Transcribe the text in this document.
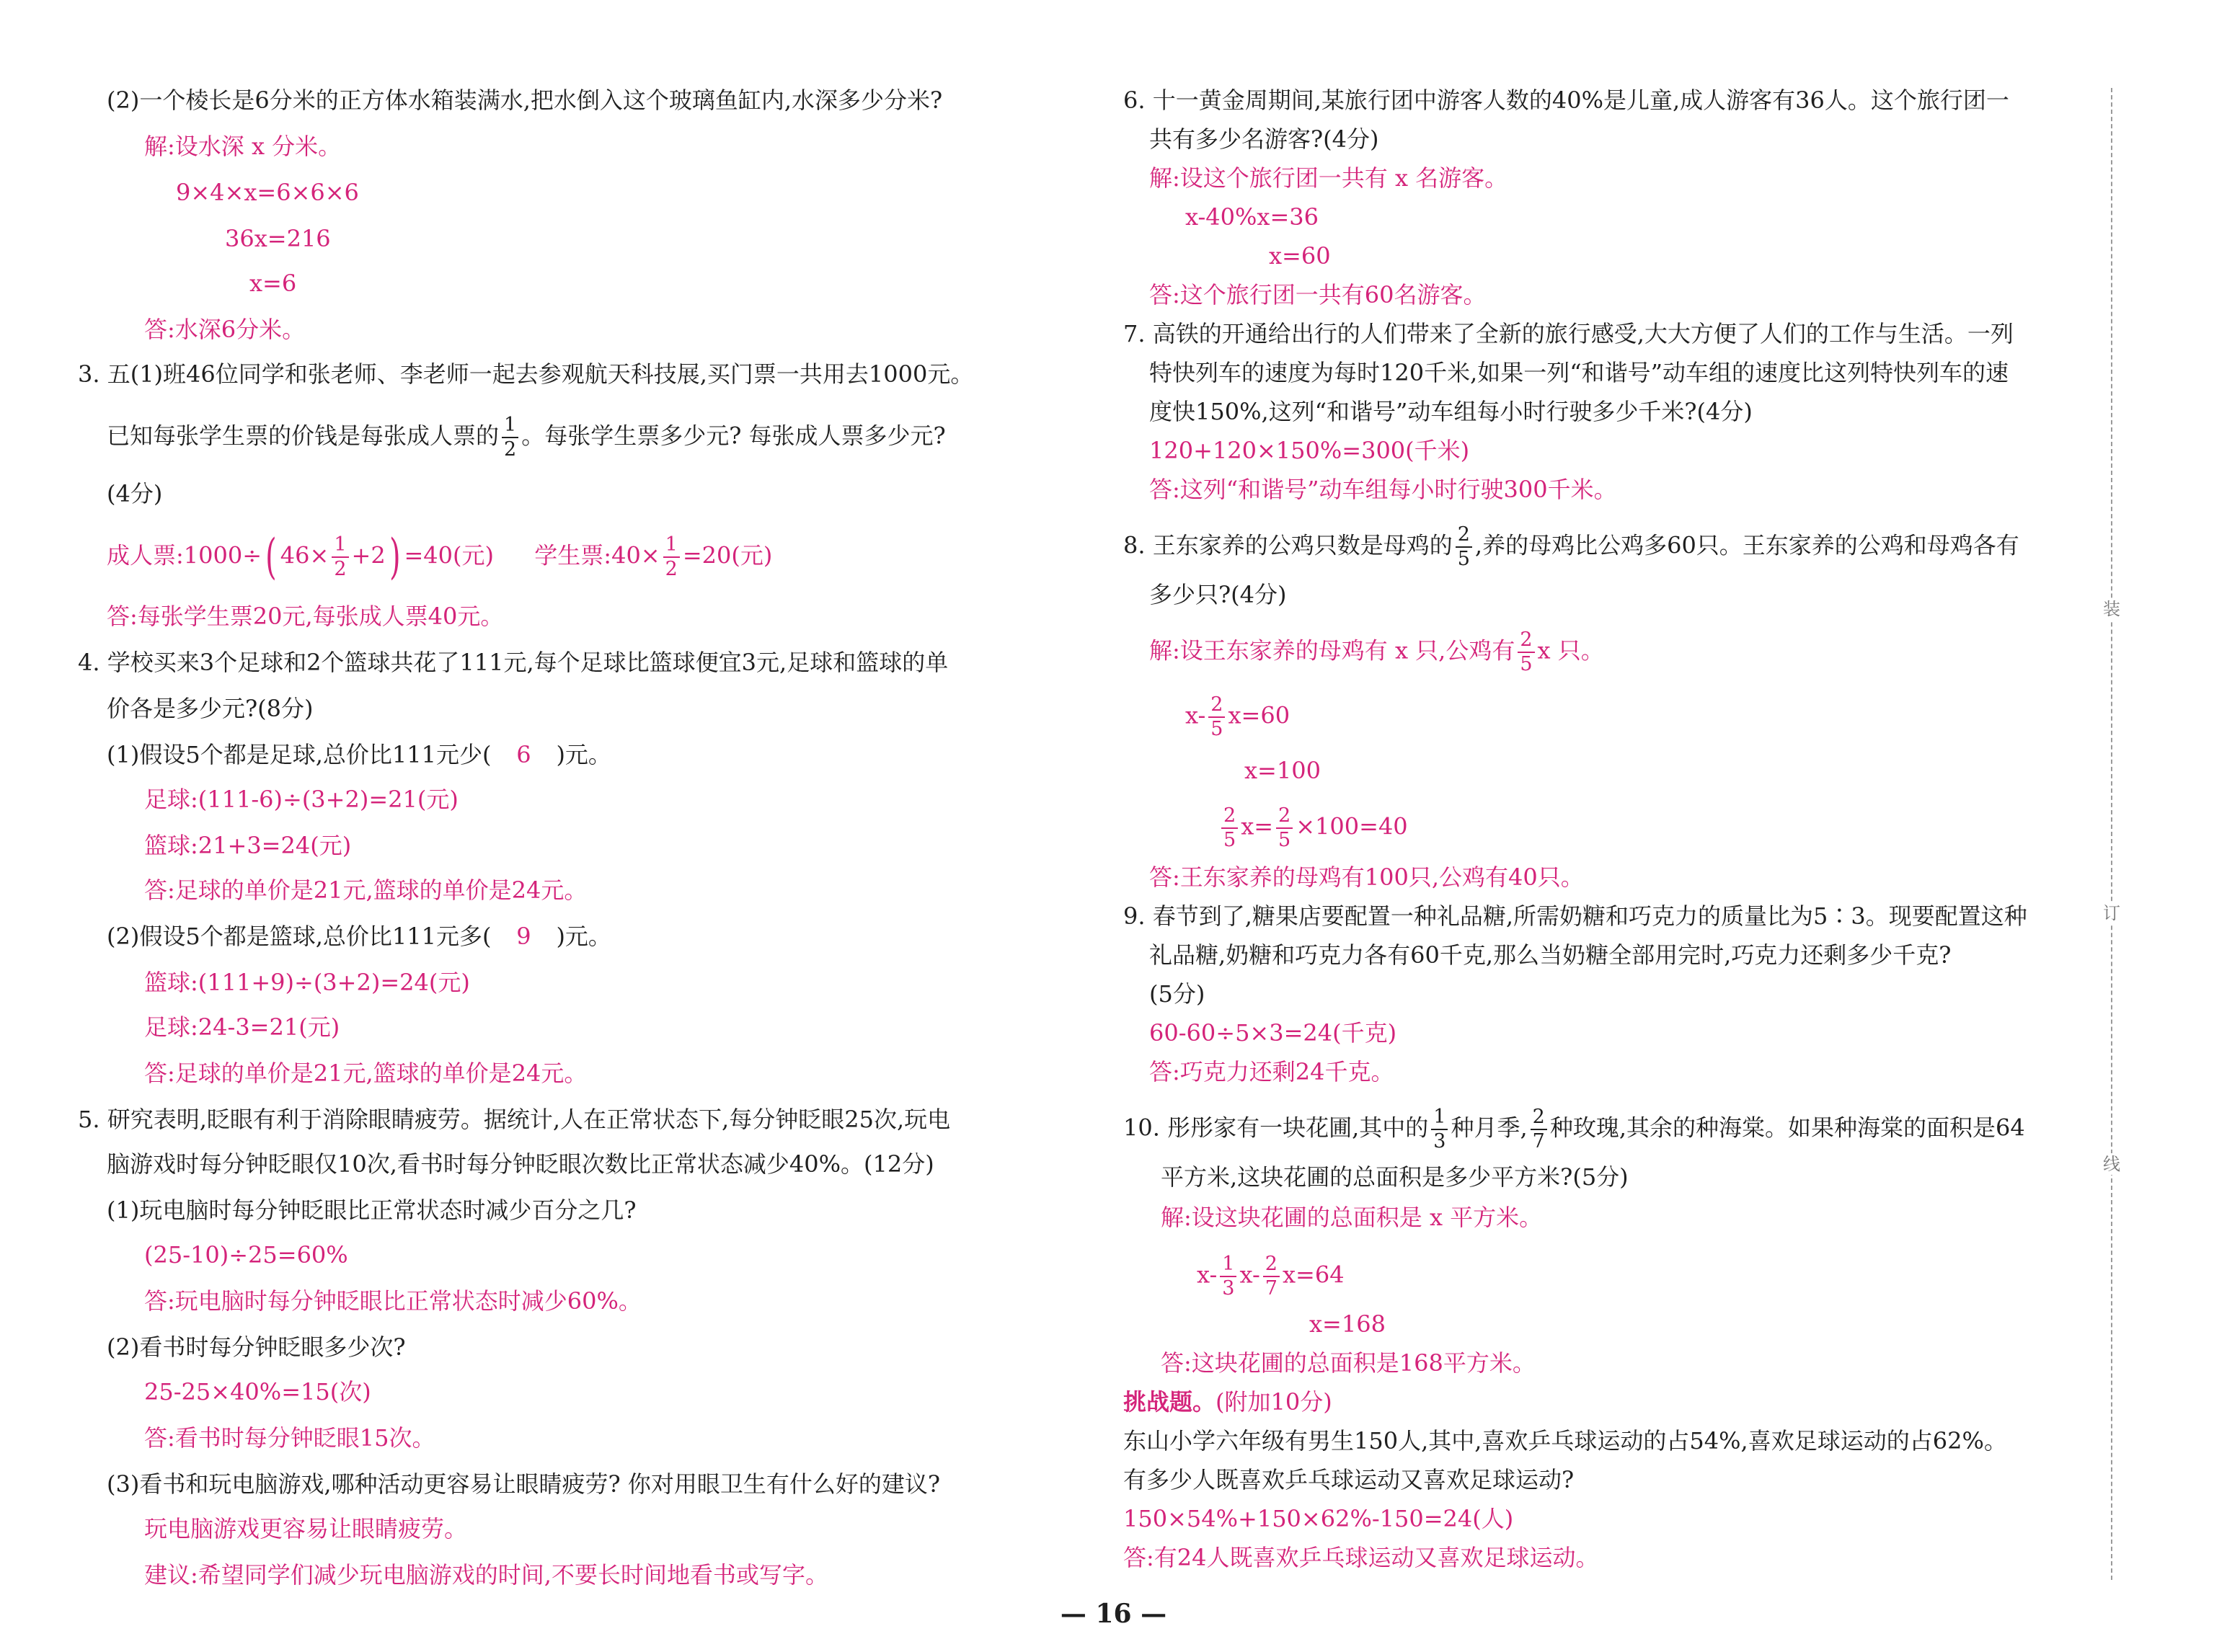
(2)一个棱长是6分米的正方体水箱装满水,把水倒入这个玻璃鱼缸内,水深多少分米?
解:设水深 x 分米。
9×4×x=6×6×6
36x=216
x=6
答:水深6分米。
3. 五(1)班46位同学和张老师、李老师一起去参观航天科技展,买门票一共用去1000元。
已知每张学生票的价钱是每张成人票的 $\frac{1}{2}$ 。每张学生票多少元? 每张成人票多少元?
(4分)
成人票:1000÷( $46\times \frac{1}{2} +2) =40$(元) 学生票:40× $\frac{1}{2} =20$(元)
答:每张学生票20元,每张成人票40元。
4. 学校买来3个足球和2个篮球共花了111元,每个足球比篮球便宜3元,足球和篮球的单
价各是多少元?(8分)
(1)假设5个都是足球,总价比111元少( 6 )元。
足球:(111-6)÷(3+2)=21(元)
篮球:21+3=24(元)
答:足球的单价是21元,篮球的单价是24元。
(2)假设5个都是篮球,总价比111元多( 9 )元。
篮球:(111+9)÷(3+2)=24(元)
足球:24-3=21(元)
答:足球的单价是21元,篮球的单价是24元。
5. 研究表明,眨眼有利于消除眼睛疲劳。据统计,人在正常状态下,每分钟眨眼25次,玩电
脑游戏时每分钟眨眼仅10次,看书时每分钟眨眼次数比正常状态减少40%。(12分)
(1)玩电脑时每分钟眨眼比正常状态时减少百分之几?
(25-10)÷25=60%
答:玩电脑时每分钟眨眼比正常状态时减少60%。
(2)看书时每分钟眨眼多少次?
25-25×40%=15(次)
答:看书时每分钟眨眼15次。
(3)看书和玩电脑游戏,哪种活动更容易让眼睛疲劳? 你对用眼卫生有什么好的建议?
玩电脑游戏更容易让眼睛疲劳。
建议:希望同学们减少玩电脑游戏的时间,不要长时间地看书或写字。
6. 十一黄金周期间,某旅行团中游客人数的40%是儿童,成人游客有36人。这个旅行团一
共有多少名游客?(4分)
解:设这个旅行团一共有 x 名游客。
x-40%x=36
x=60
答:这个旅行团一共有60名游客。
7. 高铁的开通给出行的人们带来了全新的旅行感受,大大方便了人们的工作与生活。一列
特快列车的速度为每时120千米,如果一列“和谐号”动车组的速度比这列特快列车的速
度快150%,这列“和谐号”动车组每小时行驶多少千米?(4分)
120+120×150%=300(千米)
答:这列“和谐号”动车组每小时行驶300千米。
8. 王东家养的公鸡只数是母鸡的 $\frac{2}{5}$ ,养的母鸡比公鸡多60只。王东家养的公鸡和母鸡各有
多少只?(4分)
解:设王东家养的母鸡有 x 只,公鸡有 $\frac{2}{5}$ x 只。
$x- \frac{2}{5} x=60$
x=100
$\frac{2}{5} x= \frac{2}{5} \times 100=40$
答:王东家养的母鸡有100只,公鸡有40只。
9. 春节到了,糖果店要配置一种礼品糖,所需奶糖和巧克力的质量比为5∶3。现要配置这种
礼品糖,奶糖和巧克力各有60千克,那么当奶糖全部用完时,巧克力还剩多少千克?
(5分)
60-60÷5×3=24(千克)
答:巧克力还剩24千克。
10. 彤彤家有一块花圃,其中的 $\frac{1}{3}$ 种月季, $\frac{2}{7}$ 种玫瑰,其余的种海棠。如果种海棠的面积是64
平方米,这块花圃的总面积是多少平方米?(5分)
解:设这块花圃的总面积是 x 平方米。
$x- \frac{1}{3} x- \frac{2}{7} x=64$
x=168
答:这块花圃的总面积是168平方米。
挑战题。(附加10分)
东山小学六年级有男生150人,其中,喜欢乒乓球运动的占54%,喜欢足球运动的占62%。
有多少人既喜欢乒乓球运动又喜欢足球运动?
150×54%+150×62%-150=24(人)
答:有24人既喜欢乒乓球运动又喜欢足球运动。
装
订
线
— 16 —
